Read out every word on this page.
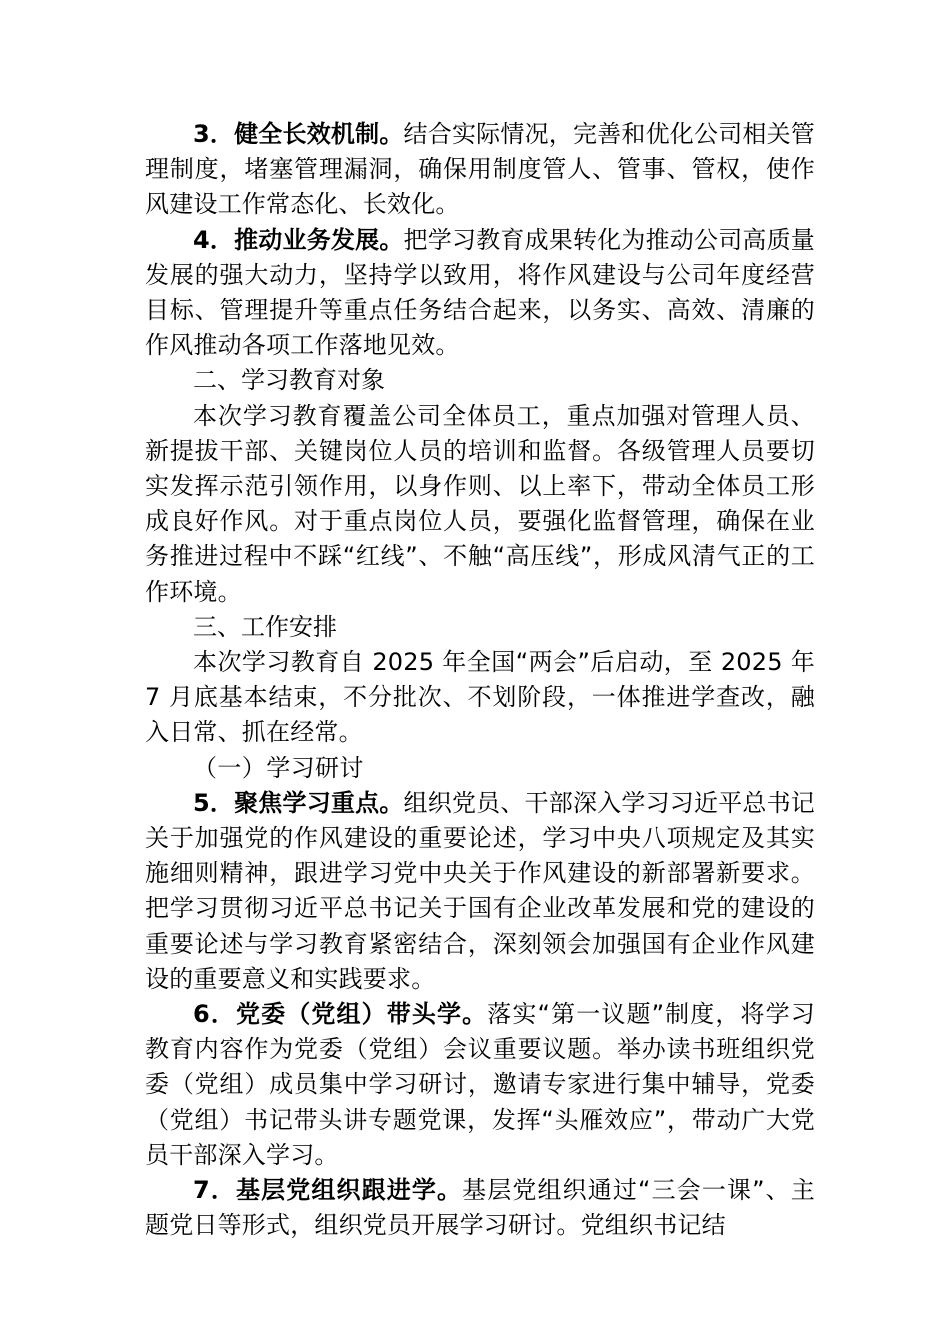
3．健全长效机制。结合实际情况，完善和优化公司相关管理制度，堵塞管理漏洞，确保用制度管人、管事、管权，使作风建设工作常态化、长效化。

4．推动业务发展。把学习教育成果转化为推动公司高质量发展的强大动力，坚持学以致用，将作风建设与公司年度经营目标、管理提升等重点任务结合起来，以务实、高效、清廉的作风推动各项工作落地见效。

二、学习教育对象

本次学习教育覆盖公司全体员工，重点加强对管理人员、新提拔干部、关键岗位人员的培训和监督。各级管理人员要切实发挥示范引领作用，以身作则、以上率下，带动全体员工形成良好作风。对于重点岗位人员，要强化监督管理，确保在业务推进过程中不踩“红线”、不触“高压线”，形成风清气正的工作环境。

三、工作安排

本次学习教育自 2025 年全国“两会”后启动，至 2025 年 7 月底基本结束，不分批次、不划阶段，一体推进学查改，融入日常、抓在经常。

（一）学习研讨

5．聚焦学习重点。组织党员、干部深入学习习近平总书记关于加强党的作风建设的重要论述，学习中央八项规定及其实施细则精神，跟进学习党中央关于作风建设的新部署新要求。把学习贯彻习近平总书记关于国有企业改革发展和党的建设的重要论述与学习教育紧密结合，深刻领会加强国有企业作风建设的重要意义和实践要求。

6．党委（党组）带头学。落实“第一议题”制度，将学习教育内容作为党委（党组）会议重要议题。举办读书班组织党委（党组）成员集中学习研讨，邀请专家进行集中辅导，党委（党组）书记带头讲专题党课，发挥“头雁效应”，带动广大党员干部深入学习。

7．基层党组织跟进学。基层党组织通过“三会一课”、主题党日等形式，组织党员开展学习研讨。党组织书记结
